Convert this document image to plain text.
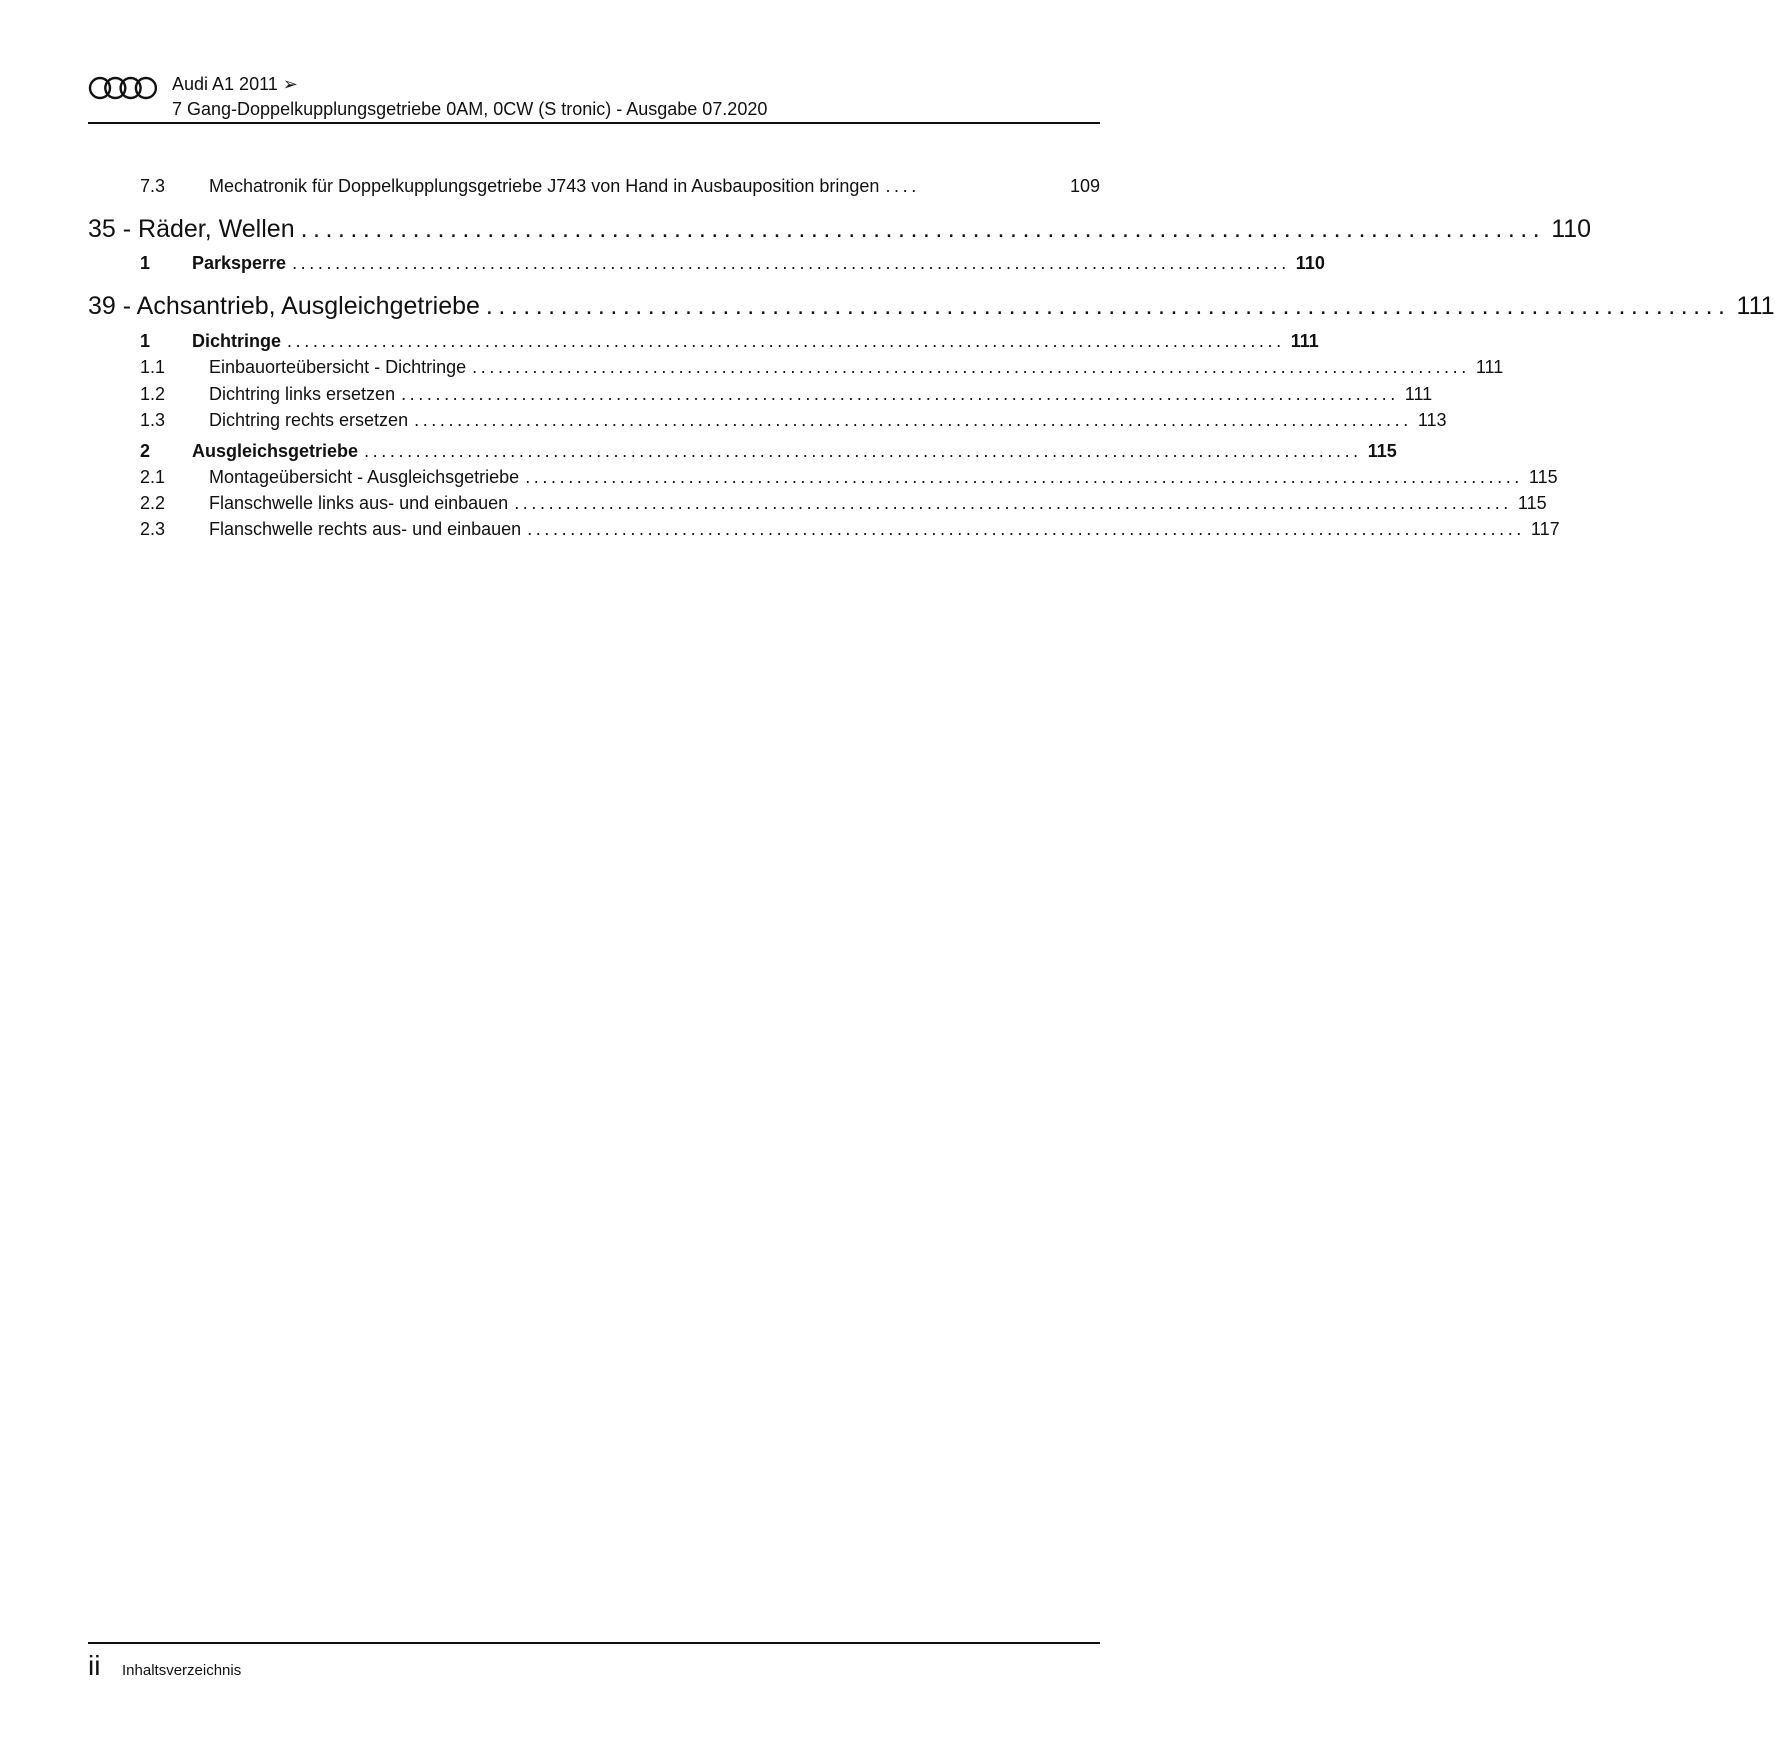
Audi A1 2011 ➢
7 Gang-Doppelkupplungsgetriebe 0AM, 0CW (S tronic) - Ausgabe 07.2020
7.3	Mechatronik für Doppelkupplungsgetriebe J743 von Hand in Ausbauposition bringen ....	109
35 - Räder, Wellen .................................................................................................... 110
1	Parksperre .................................................................................................................... 110
39 - Achsantrieb, Ausgleichgetriebe .................................................................................................... 111
1	Dichtringe .................................................................................................................... 111
1.1	Einbauorteübersicht - Dichtringe .................................................................................................................... 111
1.2	Dichtring links ersetzen .................................................................................................................... 111
1.3	Dichtring rechts ersetzen .................................................................................................................... 113
2	Ausgleichsgetriebe .................................................................................................................... 115
2.1	Montageübersicht - Ausgleichsgetriebe .................................................................................................................... 115
2.2	Flanschwelle links aus- und einbauen .................................................................................................................... 115
2.3	Flanschwelle rechts aus- und einbauen .................................................................................................................... 117
ii Inhaltsverzeichnis
